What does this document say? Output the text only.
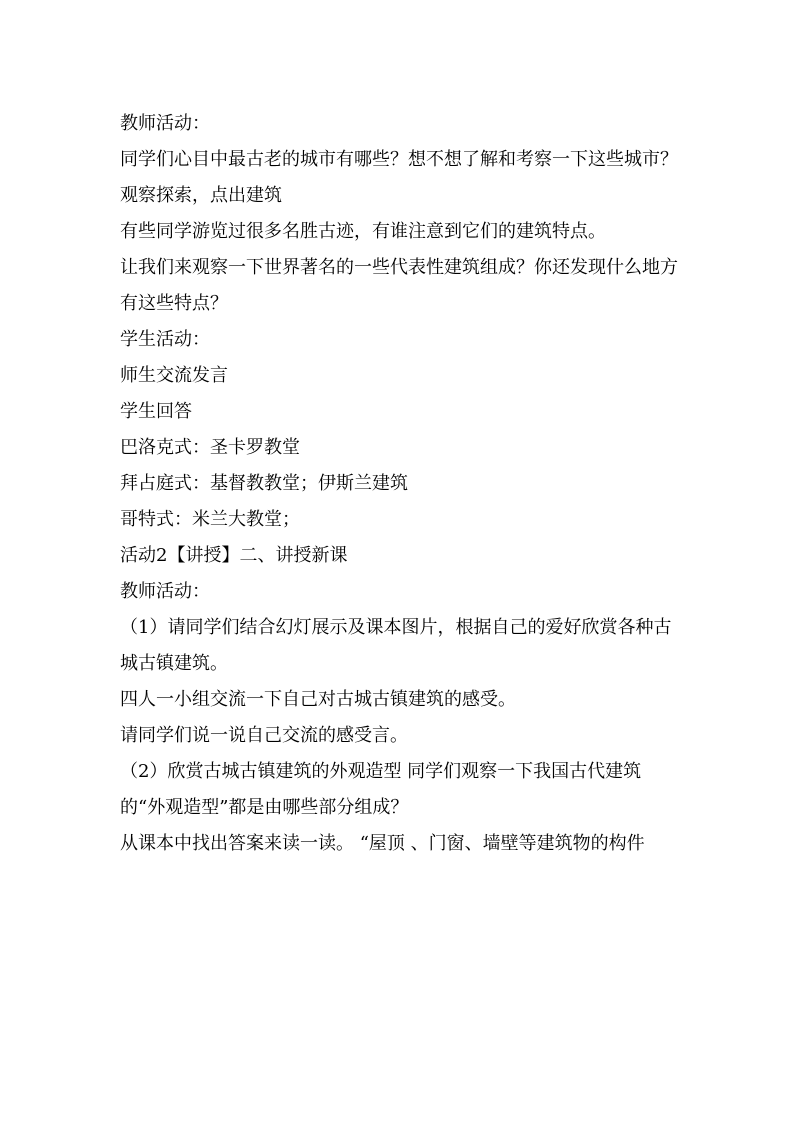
教师活动：

同学们心目中最古老的城市有哪些？想不想了解和考察一下这些城市？

观察探索，点出建筑

有些同学游览过很多名胜古迹，有谁注意到它们的建筑特点。

让我们来观察一下世界著名的一些代表性建筑组成？你还发现什么地方有这些特点？

学生活动：

师生交流发言

学生回答

巴洛克式：圣卡罗教堂

拜占庭式：基督教教堂；伊斯兰建筑

哥特式：米兰大教堂；

活动2【讲授】二、讲授新课

教师活动：

（1）请同学们结合幻灯展示及课本图片，根据自己的爱好欣赏各种古城古镇建筑。

四人一小组交流一下自己对古城古镇建筑的感受。

请同学们说一说自己交流的感受言。

（2）欣赏古城古镇建筑的外观造型 同学们观察一下我国古代建筑的“外观造型”都是由哪些部分组成？

从课本中找出答案来读一读。 “屋顶 、门窗、墙壁等建筑物的构件
